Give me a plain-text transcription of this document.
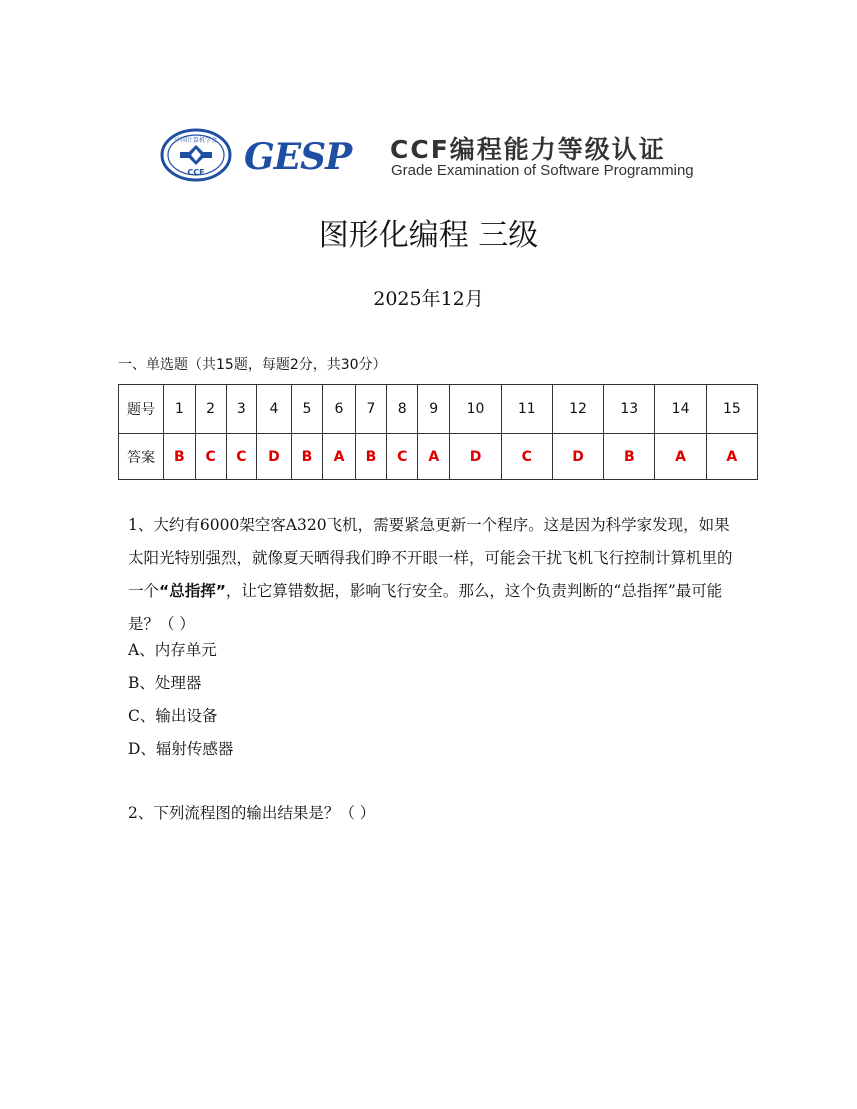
中国计算机学会
CCF GESP CCF编程能力等级认证
Grade Examination of Software Programming
图形化编程 三级
2025年12月
一、单选题（共15题，每题2分，共30分）
题号	1	2	3	4	5	6	7	8	9	10	11	12	13	14	15
答案	B	C	C	D	B	A	B	C	A	D	C	D	B	A	A
1、大约有6000架空客A320飞机，需要紧急更新一个程序。这是因为科学家发现，如果太阳光特别强烈，就像夏天晒得我们睁不开眼一样，可能会干扰飞机飞行控制计算机里的一个“总指挥”，让它算错数据，影响飞行安全。那么，这个负责判断的“总指挥”最可能是？（ ）
A、内存单元
B、处理器
C、输出设备
D、辐射传感器
2、下列流程图的输出结果是？（ ）
